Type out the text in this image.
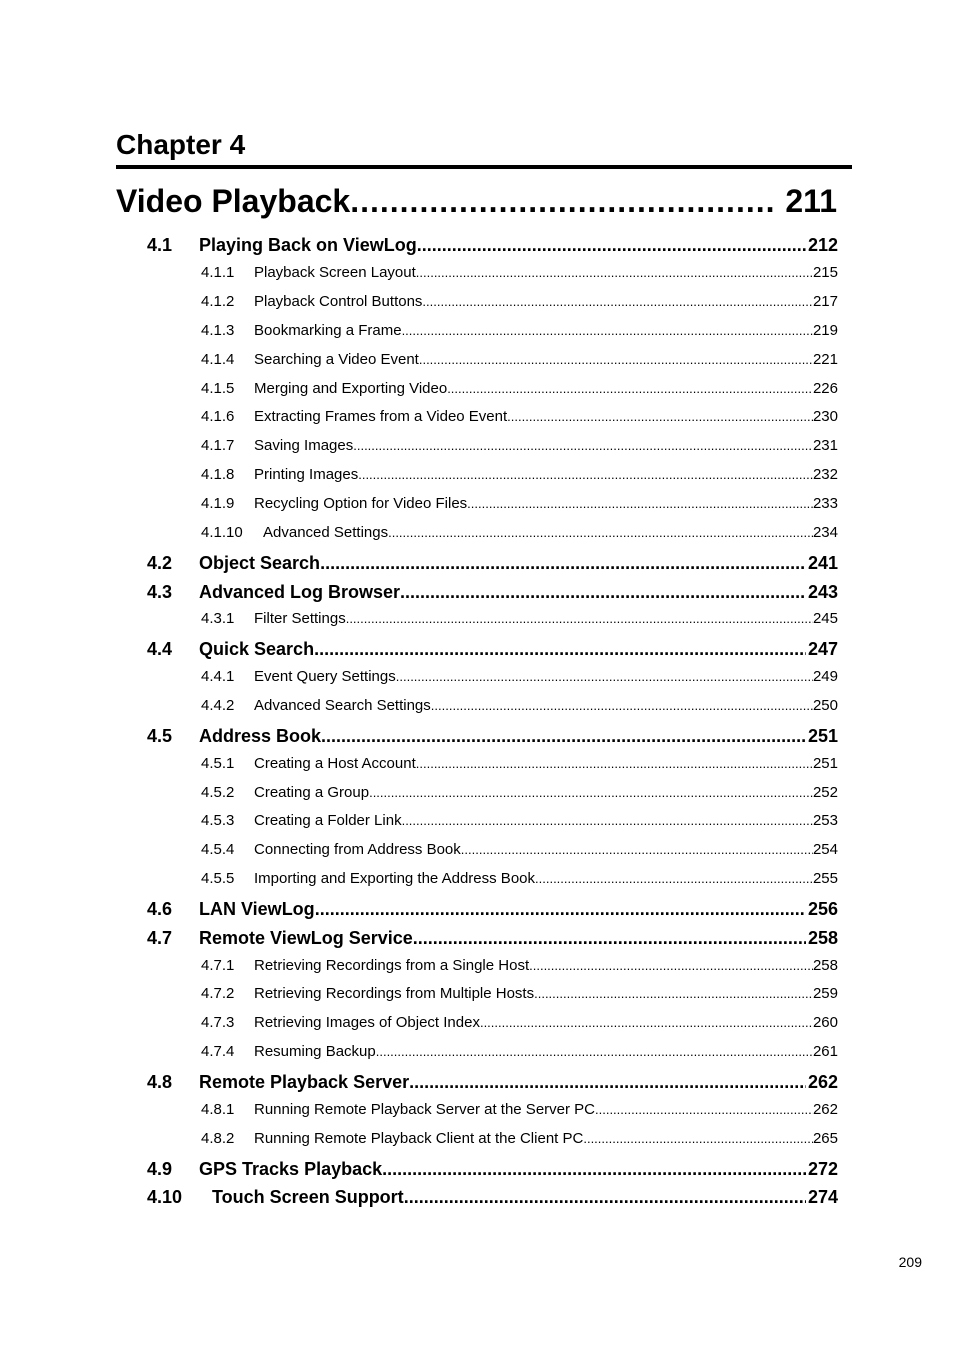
Chapter 4
Video Playback .....	211
4.1	Playing Back on ViewLog .....	212
4.1.1	Playback Screen Layout .....	215
4.1.2	Playback Control Buttons .....	217
4.1.3	Bookmarking a Frame .....	219
4.1.4	Searching a Video Event .....	221
4.1.5	Merging and Exporting Video .....	226
4.1.6	Extracting Frames from a Video Event .....	230
4.1.7	Saving Images .....	231
4.1.8	Printing Images .....	232
4.1.9	Recycling Option for Video Files .....	233
4.1.10	Advanced Settings .....	234
4.2	Object Search .....	241
4.3	Advanced Log Browser .....	243
4.3.1	Filter Settings .....	245
4.4	Quick Search .....	247
4.4.1	Event Query Settings .....	249
4.4.2	Advanced Search Settings .....	250
4.5	Address Book .....	251
4.5.1	Creating a Host Account .....	251
4.5.2	Creating a Group .....	252
4.5.3	Creating a Folder Link .....	253
4.5.4	Connecting from Address Book .....	254
4.5.5	Importing and Exporting the Address Book .....	255
4.6	LAN ViewLog .....	256
4.7	Remote ViewLog Service .....	258
4.7.1	Retrieving Recordings from a Single Host .....	258
4.7.2	Retrieving Recordings from Multiple Hosts .....	259
4.7.3	Retrieving Images of Object Index .....	260
4.7.4	Resuming Backup .....	261
4.8	Remote Playback Server .....	262
4.8.1	Running Remote Playback Server at the Server PC .....	262
4.8.2	Running Remote Playback Client at the Client PC .....	265
4.9	GPS Tracks Playback .....	272
4.10	Touch Screen Support .....	274
209
